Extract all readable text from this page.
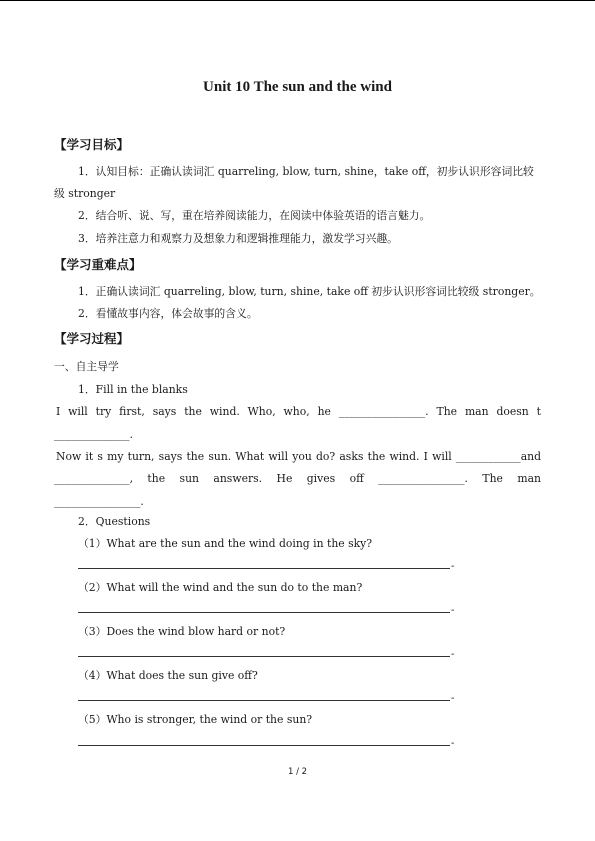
Unit 10 The sun and the wind
【学习目标】
1．认知目标：正确认读词汇 quarreling, blow, turn, shine，take off，初步认识形容词比较
级 stronger
2．结合听、说、写，重在培养阅读能力，在阅读中体验英语的语言魅力。
3．培养注意力和观察力及想象力和逻辑推理能力，激发学习兴趣。
【学习重难点】
1．正确认读词汇 quarreling, blow, turn, shine, take off 初步认识形容词比较级 stronger。
2．看懂故事内容，体会故事的含义。
【学习过程】
一、自主导学
1．Fill in the blanks
I will try first, says the wind. Who, who, he ________________. The man doesn t
______________.
Now it s my turn, says the sun. What will you do? asks the wind. I will ____________and
______________, the sun answers. He gives off ________________. The man
________________.
2．Questions
（1）What are the sun and the wind doing in the sky?
-
（2）What will the wind and the sun do to the man?
-
（3）Does the wind blow hard or not?
-
（4）What does the sun give off?
-
（5）Who is stronger, the wind or the sun?
-
1 / 2
